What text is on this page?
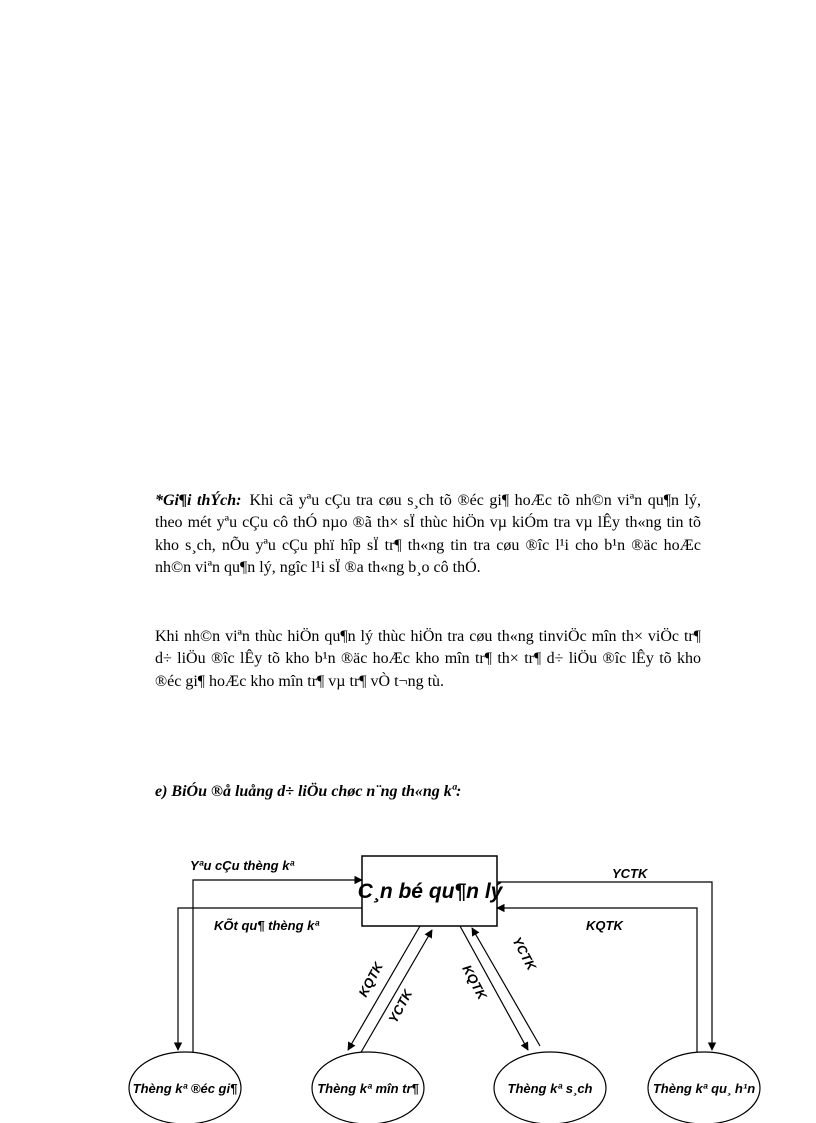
*Gi¶i thÝch: Khi cã yªu cÇu tra cøu s¸ch tõ ®éc gi¶ hoÆc tõ nh©n viªn qu¶n lý, theo mét yªu cÇu cô thÓ nµo ®ã th× sÏ thùc hiÖn vµ kiÓm tra vµ lÊy th«ng tin tõ kho s¸ch, nÕu yªu cÇu phï hîp sÏ tr¶ th«ng tin tra cøu ®îc l¹i cho b¹n ®äc hoÆc nh©n viªn qu¶n lý, ngîc l¹i sÏ ®a th«ng b¸o cô thÓ.

Khi nh©n viªn thùc hiÖn qu¶n lý thùc hiÖn tra cøu th«ng tinviÖc mîn th× viÖc tr¶ d÷ liÖu ®îc lÊy tõ kho b¹n ®äc hoÆc kho mîn tr¶ th× tr¶ d÷ liÖu ®îc lÊy tõ kho ®éc gi¶ hoÆc kho mîn tr¶ vµ tr¶ vÒ t¬ng tù.

e) BiÓu ®å luång d÷ liÖu chøc n¨ng th«ng kª:

C¸n bé qu¶n lý
Yªu cÇu thèng kª
KÕt qu¶ thèng kª
YCTK
KQTK
KQTK
YCTK
KQTK
YCTK
Thèng kª ®éc gi¶	Thèng kª mîn tr¶	Thèng kª s¸ch	Thèng kª qu¸ h¹n
